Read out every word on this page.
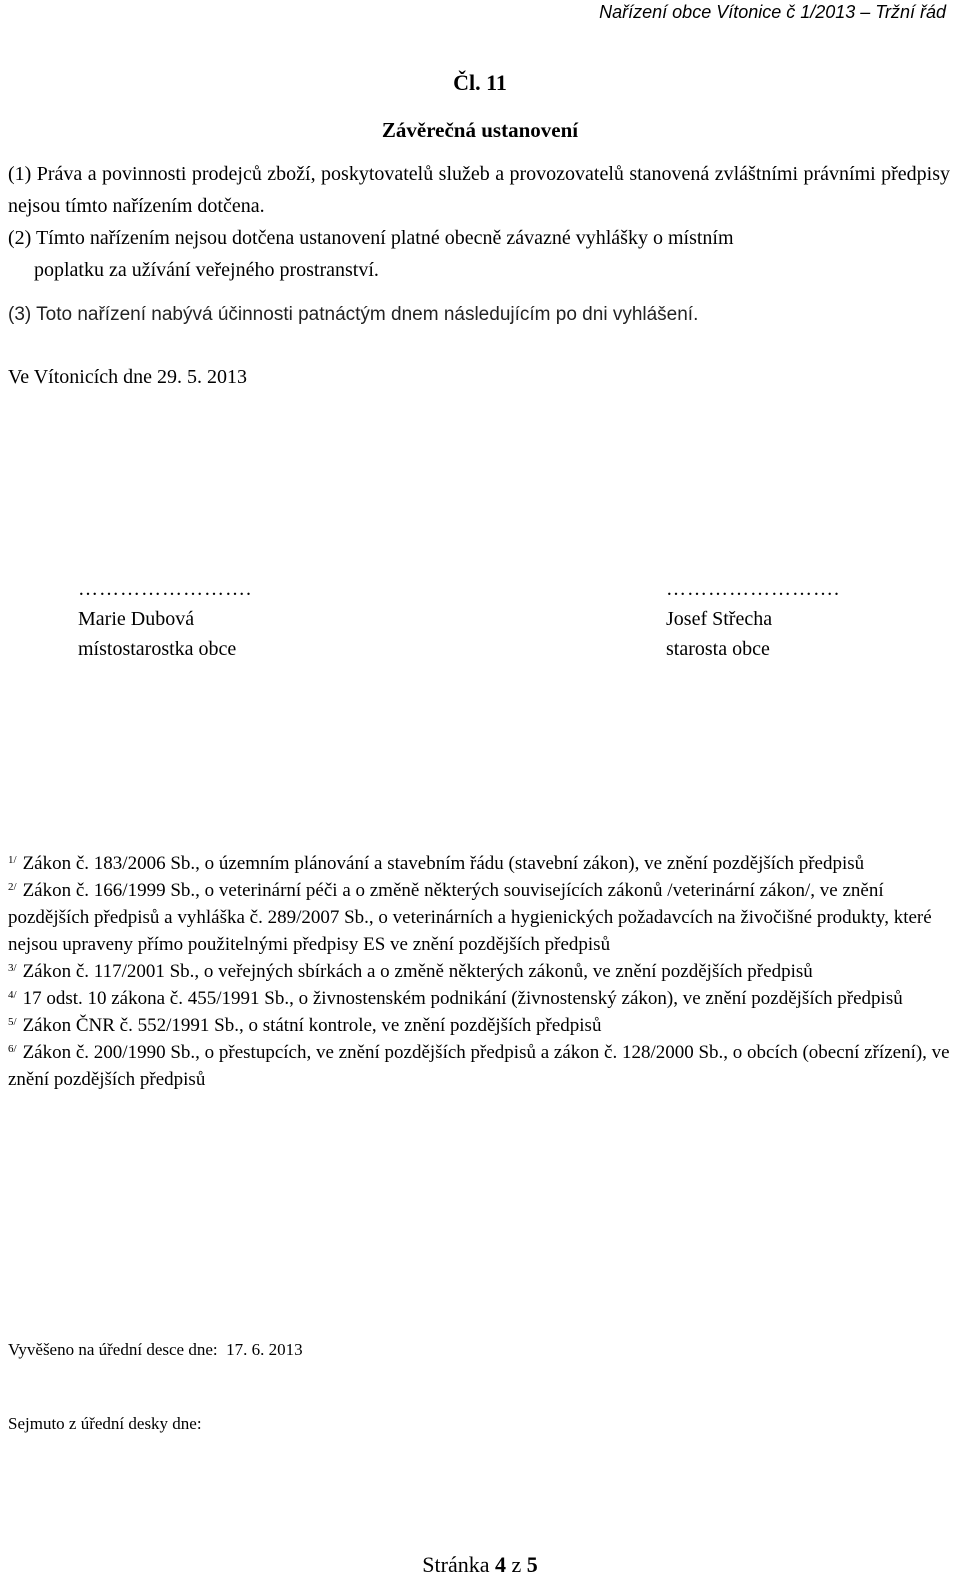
Nařízení obce Vítonice č 1/2013 – Tržní řád
Čl. 11
Závěrečná ustanovení

(1) Práva a povinnosti prodejců zboží, poskytovatelů služeb a provozovatelů stanovená zvláštními právními předpisy nejsou tímto nařízením dotčena.

(2) Tímto nařízením nejsou dotčena ustanovení platné obecně závazné vyhlášky o místním
poplatku za užívání veřejného prostranství.

(3) Toto nařízení nabývá účinnosti patnáctým dnem následujícím po dni vyhlášení.

Ve Vítonicích dne 29. 5. 2013

…………………….
Marie Dubová
místostarostka obce
…………………….
Josef Střecha
starosta obce

$^{1/}$ Zákon č. 183/2006 Sb., o územním plánování a stavebním řádu (stavební zákon), ve znění pozdějších předpisů

$^{2/}$ Zákon č. 166/1999 Sb., o veterinární péči a o změně některých souvisejících zákonů /veterinární zákon/, ve znění pozdějších předpisů a vyhláška č. 289/2007 Sb., o veterinárních a hygienických požadavcích na živočišné produkty, které nejsou upraveny přímo použitelnými předpisy ES ve znění pozdějších předpisů

$^{3/}$ Zákon č. 117/2001 Sb., o veřejných sbírkách a o změně některých zákonů, ve znění pozdějších předpisů

$^{4/}$ 17 odst. 10 zákona č. 455/1991 Sb., o živnostenském podnikání (živnostenský zákon), ve znění pozdějších předpisů

$^{5/}$ Zákon ČNR č. 552/1991 Sb., o státní kontrole, ve znění pozdějších předpisů

$^{6/}$ Zákon č. 200/1990 Sb., o přestupcích, ve znění pozdějších předpisů a zákon č. 128/2000 Sb., o obcích (obecní zřízení), ve znění pozdějších předpisů

Vyvěšeno na úřední desce dne:  17. 6. 2013

Sejmuto z úřední desky dne:

Stránka 4 z 5
